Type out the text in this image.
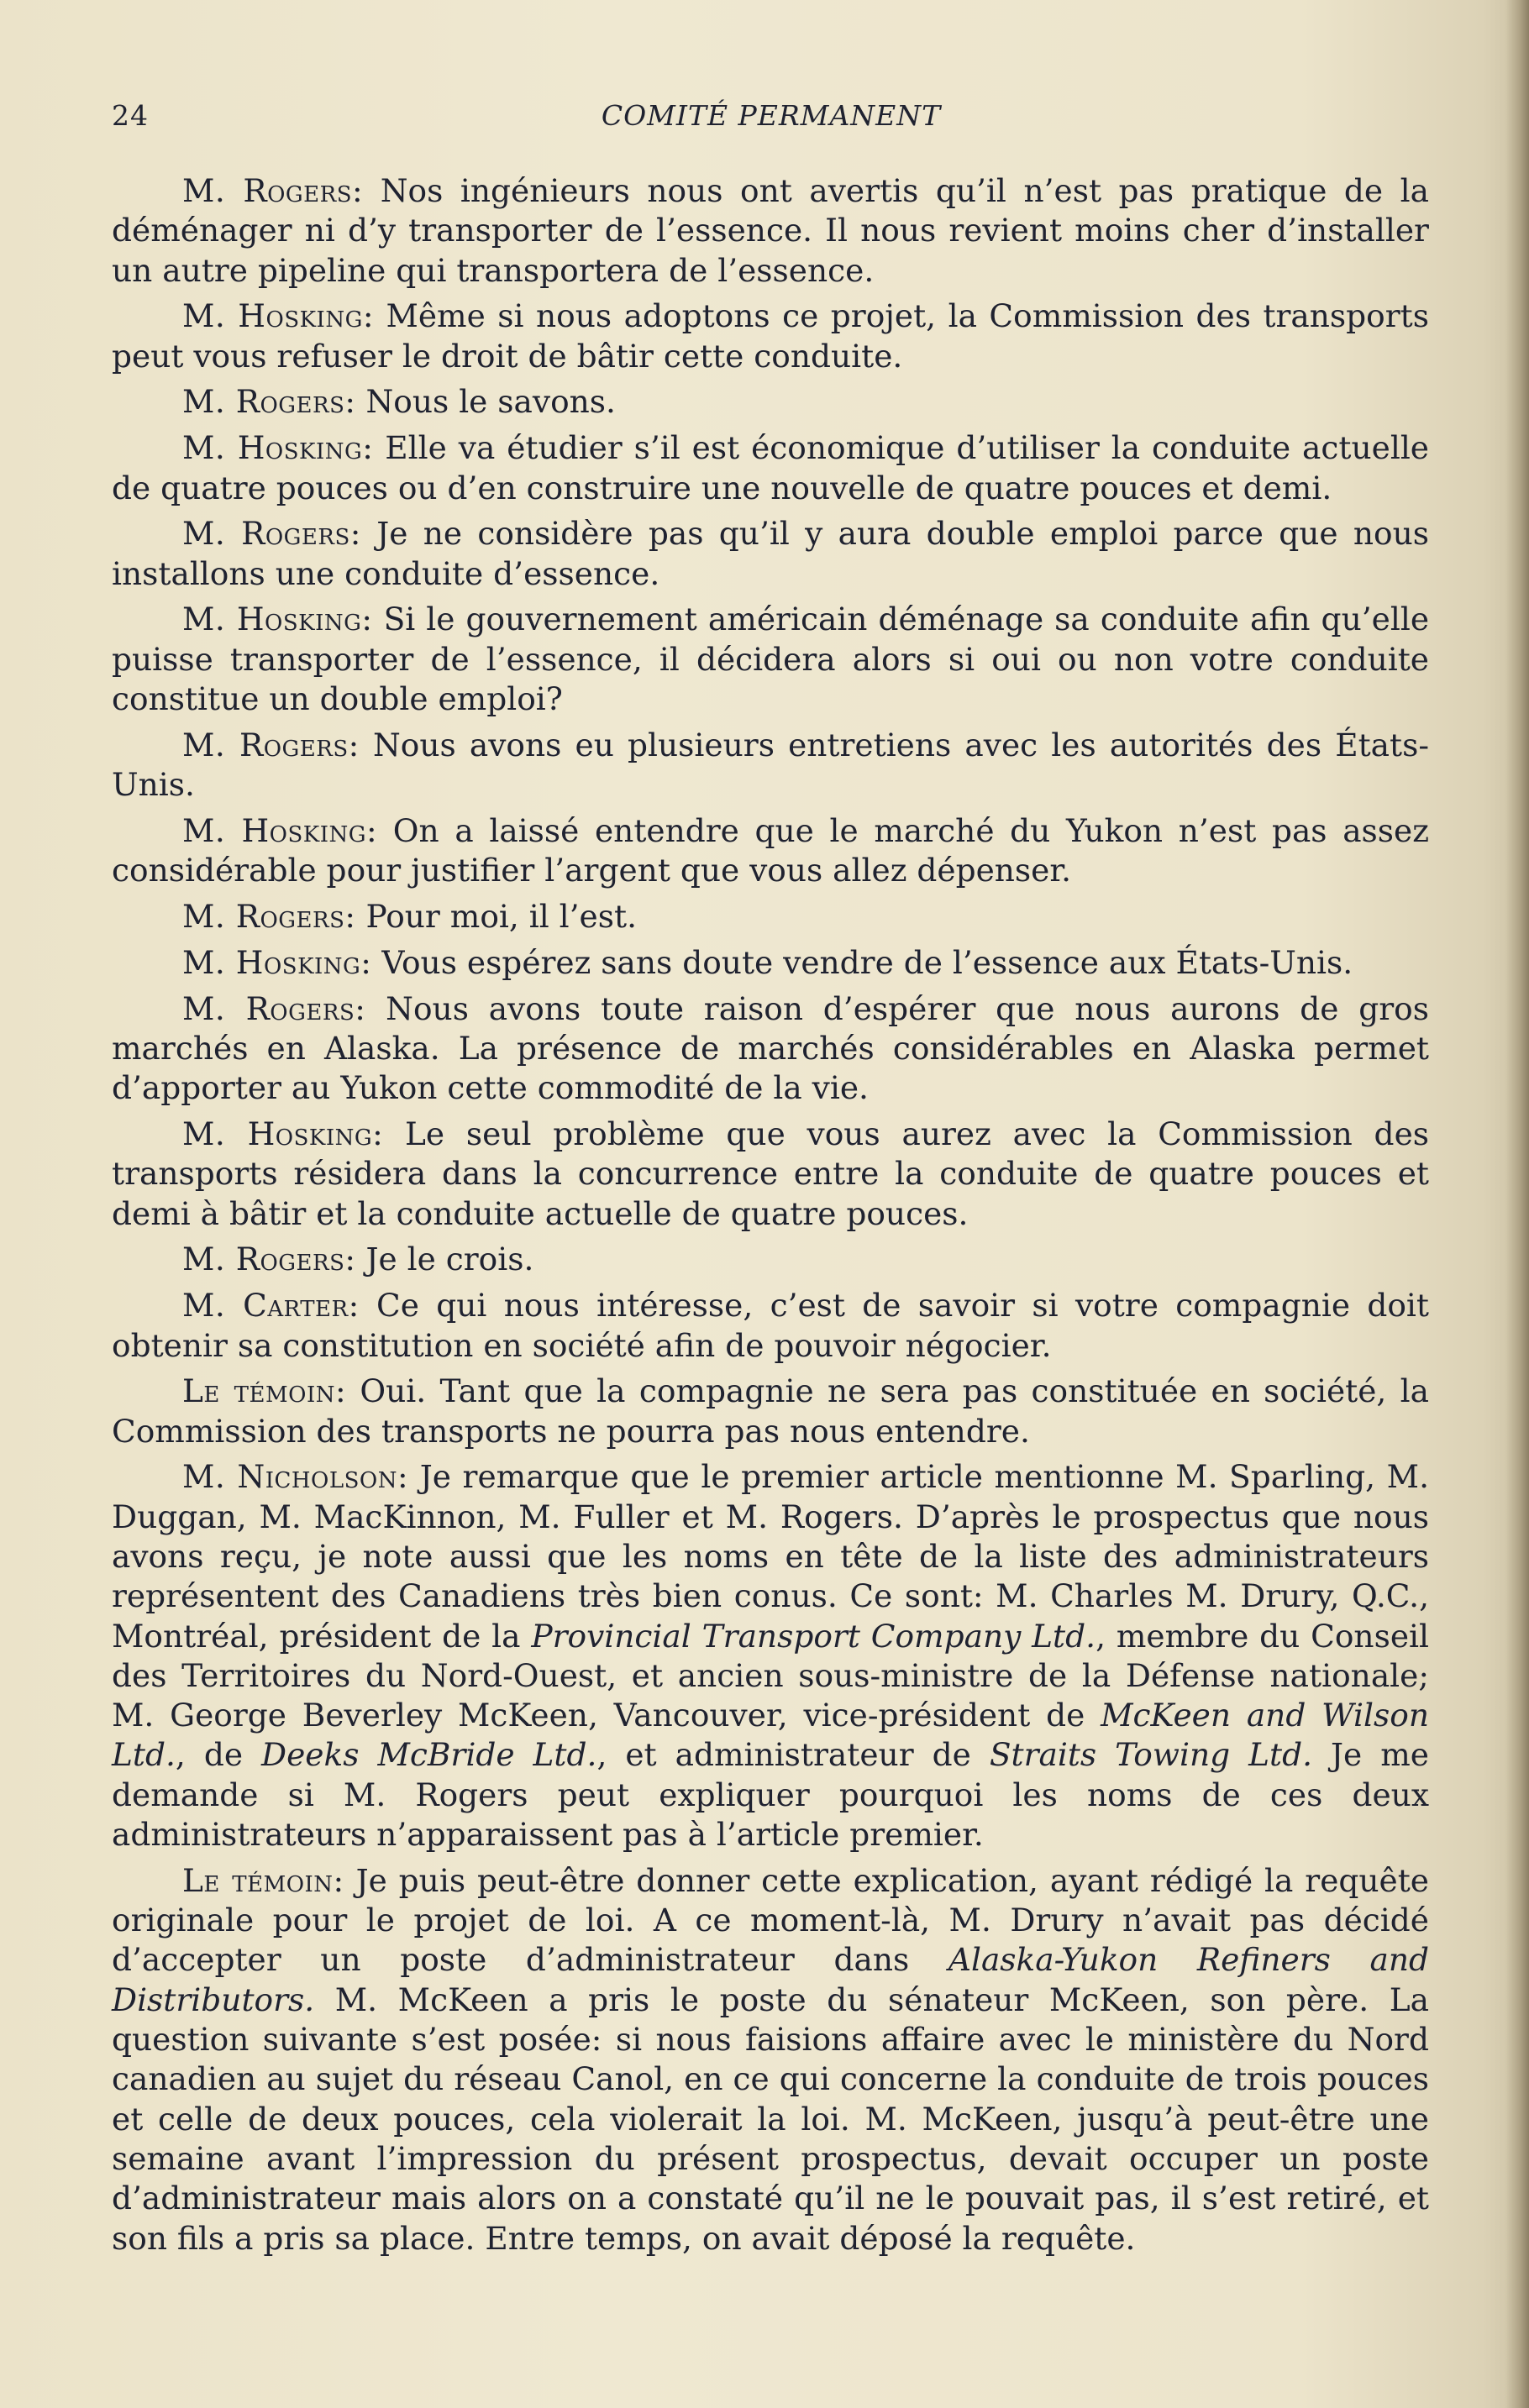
24	COMITÉ PERMANENT

M. Rogers: Nos ingénieurs nous ont avertis qu’il n’est pas pratique de la déménager ni d’y transporter de l’essence. Il nous revient moins cher d’installer un autre pipeline qui transportera de l’essence.

M. Hosking: Même si nous adoptons ce projet, la Commission des transports peut vous refuser le droit de bâtir cette conduite.

M. Rogers: Nous le savons.

M. Hosking: Elle va étudier s’il est économique d’utiliser la conduite actuelle de quatre pouces ou d’en construire une nouvelle de quatre pouces et demi.

M. Rogers: Je ne considère pas qu’il y aura double emploi parce que nous installons une conduite d’essence.

M. Hosking: Si le gouvernement américain déménage sa conduite afin qu’elle puisse transporter de l’essence, il décidera alors si oui ou non votre conduite constitue un double emploi?

M. Rogers: Nous avons eu plusieurs entretiens avec les autorités des États-Unis.

M. Hosking: On a laissé entendre que le marché du Yukon n’est pas assez considérable pour justifier l’argent que vous allez dépenser.

M. Rogers: Pour moi, il l’est.

M. Hosking: Vous espérez sans doute vendre de l’essence aux États-Unis.

M. Rogers: Nous avons toute raison d’espérer que nous aurons de gros marchés en Alaska. La présence de marchés considérables en Alaska permet d’apporter au Yukon cette commodité de la vie.

M. Hosking: Le seul problème que vous aurez avec la Commission des transports résidera dans la concurrence entre la conduite de quatre pouces et demi à bâtir et la conduite actuelle de quatre pouces.

M. Rogers: Je le crois.

M. Carter: Ce qui nous intéresse, c’est de savoir si votre compagnie doit obtenir sa constitution en société afin de pouvoir négocier.

Le témoin: Oui. Tant que la compagnie ne sera pas constituée en société, la Commission des transports ne pourra pas nous entendre.

M. Nicholson: Je remarque que le premier article mentionne M. Sparling, M. Duggan, M. MacKinnon, M. Fuller et M. Rogers. D’après le prospectus que nous avons reçu, je note aussi que les noms en tête de la liste des administrateurs représentent des Canadiens très bien conus. Ce sont: M. Charles M. Drury, Q.C., Montréal, président de la Provincial Transport Company Ltd., membre du Conseil des Territoires du Nord-Ouest, et ancien sous-ministre de la Défense nationale; M. George Beverley McKeen, Vancouver, vice-président de McKeen and Wilson Ltd., de Deeks McBride Ltd., et administrateur de Straits Towing Ltd. Je me demande si M. Rogers peut expliquer pourquoi les noms de ces deux administrateurs n’apparaissent pas à l’article premier.

Le témoin: Je puis peut-être donner cette explication, ayant rédigé la requête originale pour le projet de loi. A ce moment-là, M. Drury n’avait pas décidé d’accepter un poste d’administrateur dans Alaska-Yukon Refiners and Distributors. M. McKeen a pris le poste du sénateur McKeen, son père. La question suivante s’est posée: si nous faisions affaire avec le ministère du Nord canadien au sujet du réseau Canol, en ce qui concerne la conduite de trois pouces et celle de deux pouces, cela violerait la loi. M. McKeen, jusqu’à peut-être une semaine avant l’impression du présent prospectus, devait occuper un poste d’administrateur mais alors on a constaté qu’il ne le pouvait pas, il s’est retiré, et son fils a pris sa place. Entre temps, on avait déposé la requête.
